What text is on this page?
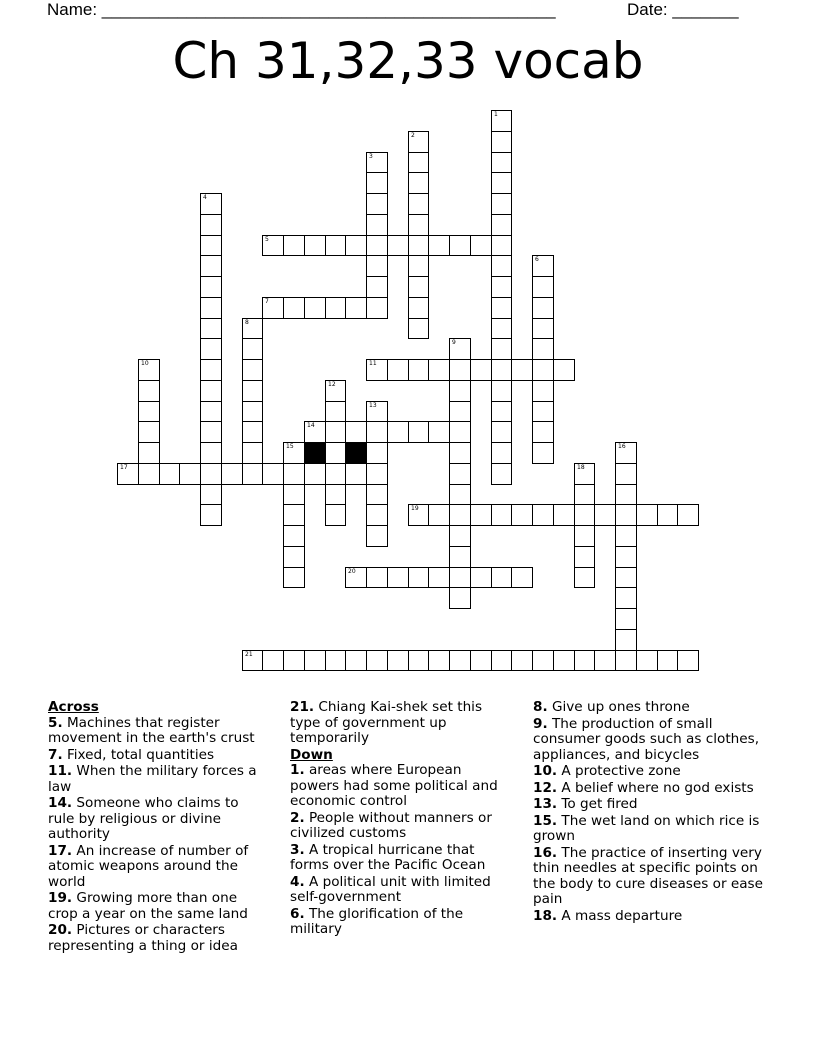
Name: ________________________________________________	Date: _______
Ch 31,32,33 vocab
1
2
3
4
5
6
7
8
9
10	11
12
13
14
15	16
17	18
19
20
21
Across
5. Machines that register movement in the earth's crust
7. Fixed, total quantities
11. When the military forces a law
14. Someone who claims to rule by religious or divine authority
17. An increase of number of atomic weapons around the world
19. Growing more than one crop a year on the same land
20. Pictures or characters representing a thing or idea
21. Chiang Kai-shek set this type of government up temporarily
Down
1. areas where European powers had some political and economic control
2. People without manners or civilized customs
3. A tropical hurricane that forms over the Pacific Ocean
4. A political unit with limited self-government
6. The glorification of the military
8. Give up ones throne
9. The production of small consumer goods such as clothes, appliances, and bicycles
10. A protective zone
12. A belief where no god exists
13. To get fired
15. The wet land on which rice is grown
16. The practice of inserting very thin needles at specific points on the body to cure diseases or ease pain
18. A mass departure
